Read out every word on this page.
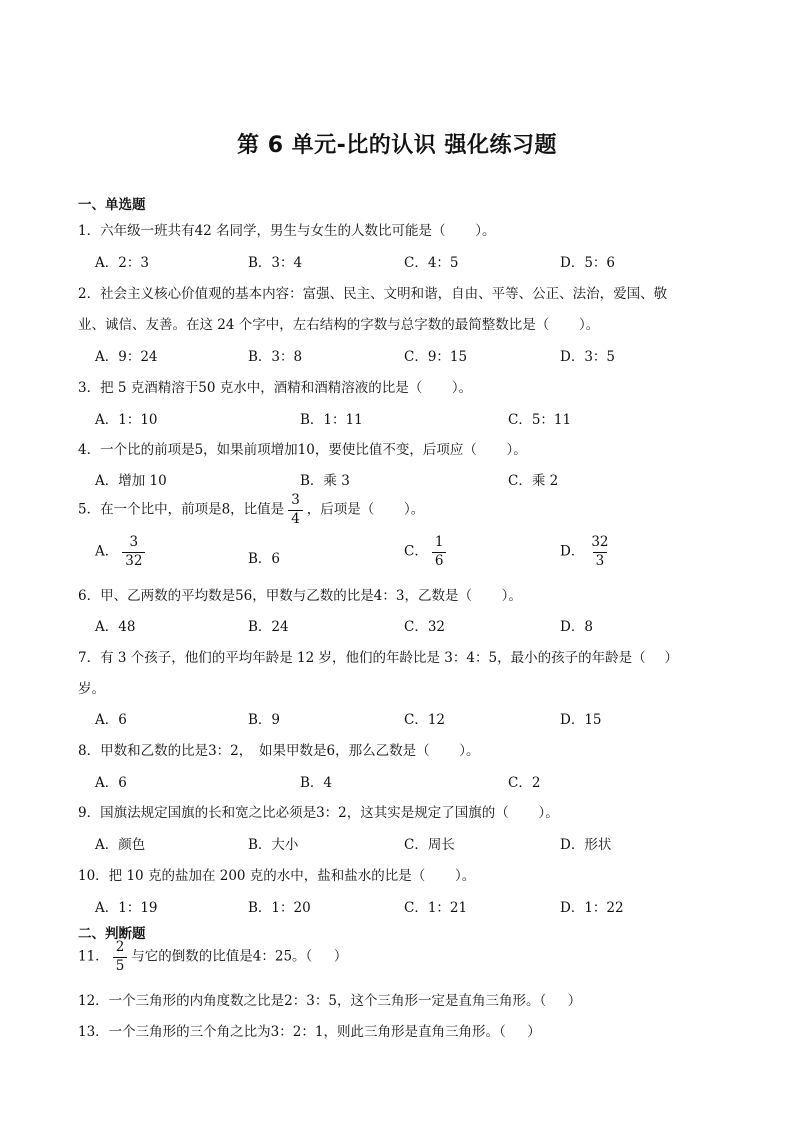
第 6 单元-比的认识 强化练习题
一、单选题
1．六年级一班共有42 名同学，男生与女生的人数比可能是（ ）。
A．2：3	B．3：4	C．4：5	D．5：6
2．社会主义核心价值观的基本内容：富强、民主、文明和谐，自由、平等、公正、法治，爱国、敬
业、诚信、友善。在这 24 个字中，左右结构的字数与总字数的最简整数比是（ ）。
A．9：24	B．3：8	C．9：15	D．3：5
3．把 5 克酒精溶于50 克水中，酒精和酒精溶液的比是（ ）。
A．1：10	B．1：11	C．5：11
4．一个比的前项是5，如果前项增加10，要使比值不变，后项应（ ）。
A．增加 10	B．乘 3	C．乘 2
5．在一个比中，前项是8，比值是 $\frac{3}{4}$ ，后项是（ ）。
A． $\frac{3}{32}$	B．6	C． $\frac{1}{6}$	D． $\frac{32}{3}$
6．甲、乙两数的平均数是56，甲数与乙数的比是4：3，乙数是（ ）。
A．48	B．24	C．32	D．8
7．有 3 个孩子，他们的平均年龄是 12 岁，他们的年龄比是 3：4：5，最小的孩子的年龄是（ ）
岁。
A．6	B．9	C．12	D．15
8．甲数和乙数的比是3：2，　如果甲数是6，那么乙数是（ ）。
A．6	B．4	C．2
9．国旗法规定国旗的长和宽之比必须是3：2，这其实是规定了国旗的（ ）。
A．颜色	B．大小	C．周长	D．形状
10．把 10 克的盐加在 200 克的水中，盐和盐水的比是（ ）。
A．1：19	B．1：20	C．1：21	D．1：22
二、判断题
11． $\frac{2}{5}$ 与它的倒数的比值是4：25。（ ）
12．一个三角形的内角度数之比是2：3：5，这个三角形一定是直角三角形。（ ）
13．一个三角形的三个角之比为3：2：1，则此三角形是直角三角形。（ ）
